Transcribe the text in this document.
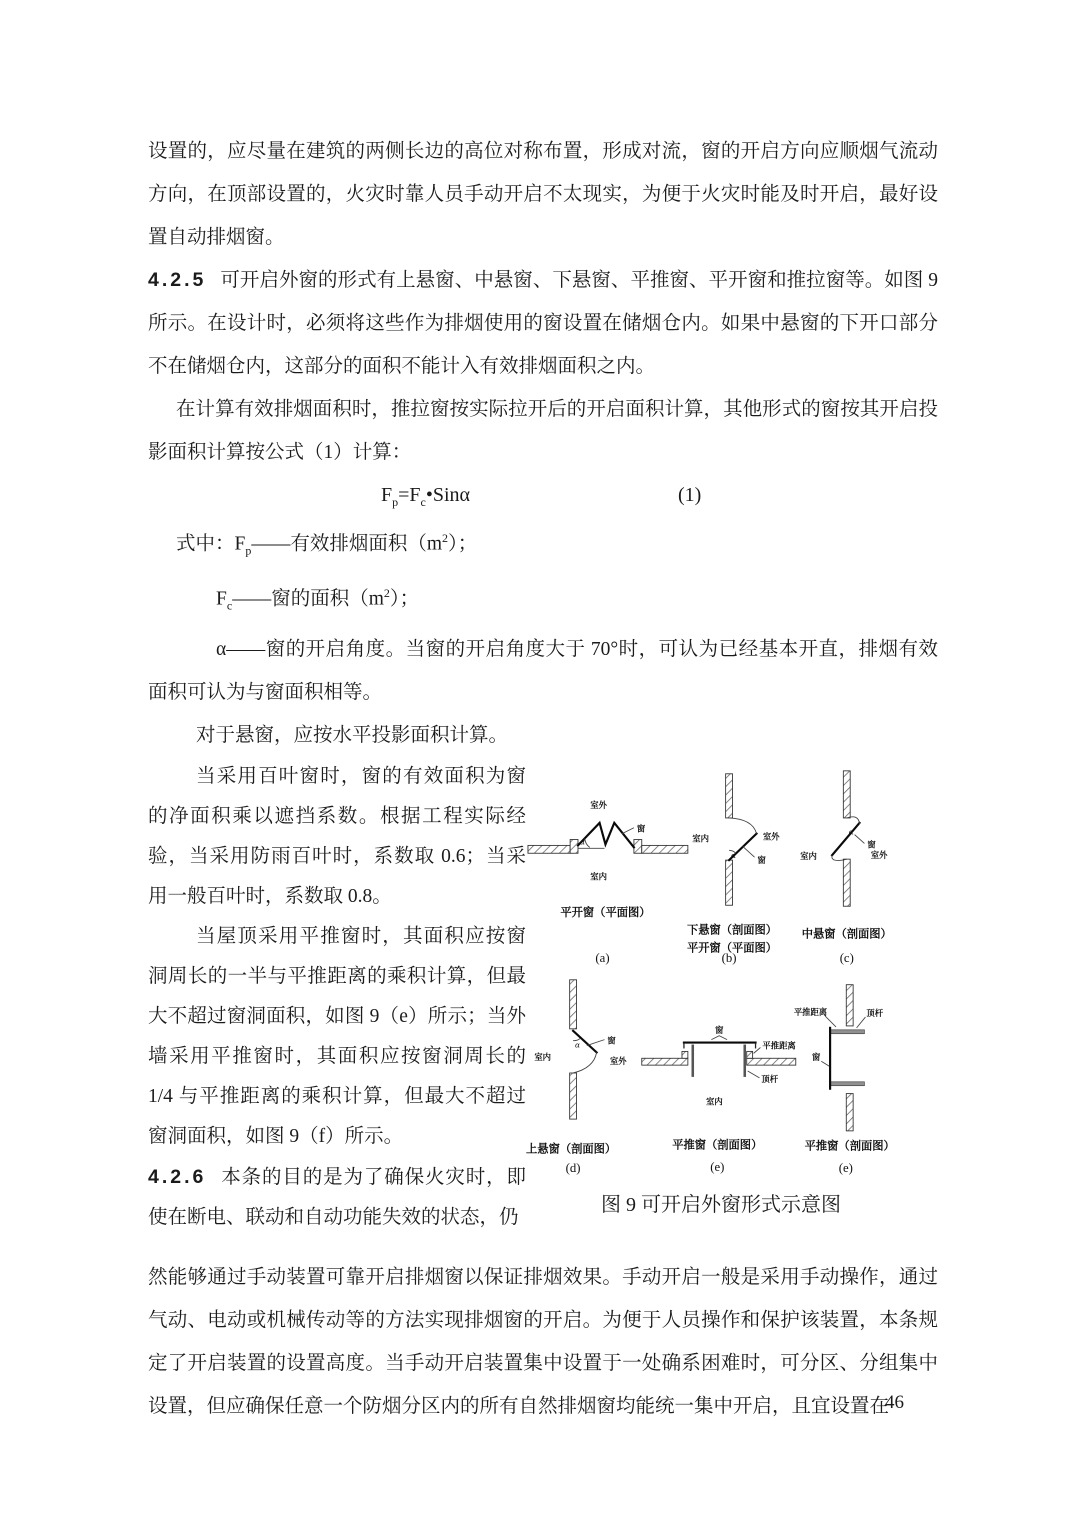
设置的，应尽量在建筑的两侧长边的高位对称布置，形成对流，窗的开启方向应顺烟气流动方向，在顶部设置的，火灾时靠人员手动开启不太现实，为便于火灾时能及时开启，最好设置自动排烟窗。

4.2.5 可开启外窗的形式有上悬窗、中悬窗、下悬窗、平推窗、平开窗和推拉窗等。如图 9 所示。在设计时，必须将这些作为排烟使用的窗设置在储烟仓内。如果中悬窗的下开口部分不在储烟仓内，这部分的面积不能计入有效排烟面积之内。

在计算有效排烟面积时，推拉窗按实际拉开后的开启面积计算，其他形式的窗按其开启投影面积计算按公式（1）计算：

$F_p=F_c•Sin\alpha$	(1)

式中：$F_p——$有效排烟面积$(m^2)$；

$F_c——$窗的面积$(m^2)$；

α——窗的开启角度。当窗的开启角度大于 70°时，可认为已经基本开直，排烟有效面积可认为与窗面积相等。

对于悬窗，应按水平投影面积计算。

当采用百叶窗时，窗的有效面积为窗的净面积乘以遮挡系数。根据工程实际经验，当采用防雨百叶时，系数取 0.6；当采用一般百叶时，系数取 0.8。

当屋顶采用平推窗时，其面积应按窗洞周长的一半与平推距离的乘积计算，但最大不超过窗洞面积，如图 9（e）所示；当外墙采用平推窗时，其面积应按窗洞周长的 1/4 与平推距离的乘积计算，但最大不超过窗洞面积，如图 9（f）所示。

4.2.6 本条的目的是为了确保火灾时，即使在断电、联动和自动功能失效的状态，仍

α
窗
室外
室内
平开窗（平面图）
(a)
α	窗
室内	室外
下悬窗（剖面图）
平开窗（平面图）
(b)
α
窗
室内	室外
中悬窗（剖面图）
(c)
α	窗
室内	室外
上悬窗（剖面图）
(d)
窗
平推距离
顶杆
室内
平推窗（剖面图）
(e)
平推距离	顶杆
窗
平推窗（剖面图）
(e)
图 9 可开启外窗形式示意图

然能够通过手动装置可靠开启排烟窗以保证排烟效果。手动开启一般是采用手动操作，通过气动、电动或机械传动等的方法实现排烟窗的开启。为便于人员操作和保护该装置，本条规定了开启装置的设置高度。当手动开启装置集中设置于一处确系困难时，可分区、分组集中设置，但应确保任意一个防烟分区内的所有自然排烟窗均能统一集中开启，且宜设置在

46
